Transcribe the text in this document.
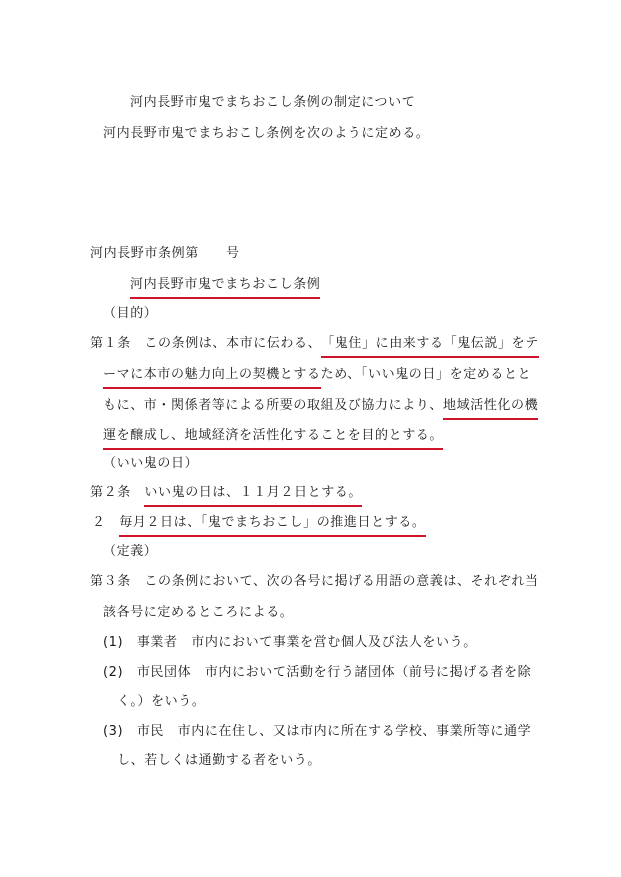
河内長野市鬼でまちおこし条例の制定について
河内長野市鬼でまちおこし条例を次のように定める。
河内長野市条例第　　号
河内長野市鬼でまちおこし条例
（目的）
第１条　この条例は、本市に伝わる、「鬼住」に由来する「鬼伝説」をテ
ーマに本市の魅力向上の契機とするため、「いい鬼の日」を定めるとと
もに、市・関係者等による所要の取組及び協力により、地域活性化の機
運を醸成し、地域経済を活性化することを目的とする。
（いい鬼の日）
第２条　いい鬼の日は、１１月２日とする。
２　毎月２日は、「鬼でまちおこし」の推進日とする。
（定義）
第３条　この条例において、次の各号に掲げる用語の意義は、それぞれ当
該各号に定めるところによる。
(1)　事業者　市内において事業を営む個人及び法人をいう。
(2)　市民団体　市内において活動を行う諸団体（前号に掲げる者を除
く。）をいう。
(3)　市民　市内に在住し、又は市内に所在する学校、事業所等に通学
し、若しくは通勤する者をいう。
